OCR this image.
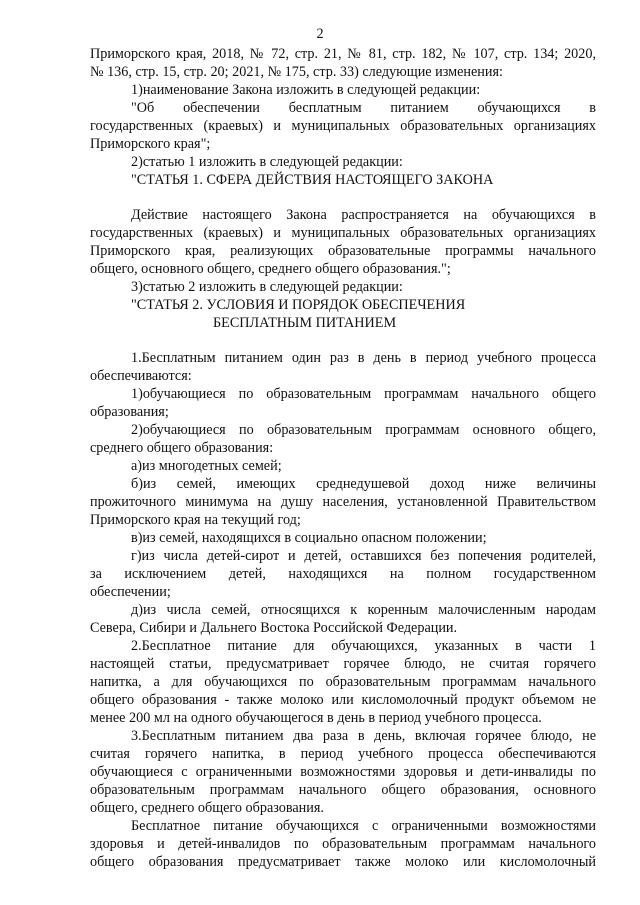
2
Приморского края, 2018, № 72, стр. 21, № 81, стр. 182, № 107, стр. 134; 2020,
№ 136, стр. 15, стр. 20; 2021, № 175, стр. 33) следующие изменения:
1)наименование Закона изложить в следующей редакции:
"Об обеспечении бесплатным питанием обучающихся в
государственных (краевых) и муниципальных образовательных организациях
Приморского края";
2)статью 1 изложить в следующей редакции:
"СТАТЬЯ 1. СФЕРА ДЕЙСТВИЯ НАСТОЯЩЕГО ЗАКОНА
Действие настоящего Закона распространяется на обучающихся в
государственных (краевых) и муниципальных образовательных организациях
Приморского края, реализующих образовательные программы начального
общего, основного общего, среднего общего образования.";
3)статью 2 изложить в следующей редакции:
"СТАТЬЯ 2. УСЛОВИЯ И ПОРЯДОК ОБЕСПЕЧЕНИЯ
БЕСПЛАТНЫМ ПИТАНИЕМ
1.Бесплатным питанием один раз в день в период учебного процесса
обеспечиваются:
1)обучающиеся по образовательным программам начального общего
образования;
2)обучающиеся по образовательным программам основного общего,
среднего общего образования:
а)из многодетных семей;
б)из семей, имеющих среднедушевой доход ниже величины
прожиточного минимума на душу населения, установленной Правительством
Приморского края на текущий год;
в)из семей, находящихся в социально опасном положении;
г)из числа детей-сирот и детей, оставшихся без попечения родителей,
за исключением детей, находящихся на полном государственном
обеспечении;
д)из числа семей, относящихся к коренным малочисленным народам
Севера, Сибири и Дальнего Востока Российской Федерации.
2.Бесплатное питание для обучающихся, указанных в части 1
настоящей статьи, предусматривает горячее блюдо, не считая горячего
напитка, а для обучающихся по образовательным программам начального
общего образования - также молоко или кисломолочный продукт объемом не
менее 200 мл на одного обучающегося в день в период учебного процесса.
3.Бесплатным питанием два раза в день, включая горячее блюдо, не
считая горячего напитка, в период учебного процесса обеспечиваются
обучающиеся с ограниченными возможностями здоровья и дети-инвалиды по
образовательным программам начального общего образования, основного
общего, среднего общего образования.
Бесплатное питание обучающихся с ограниченными возможностями
здоровья и детей-инвалидов по образовательным программам начального
общего образования предусматривает также молоко или кисломолочный
